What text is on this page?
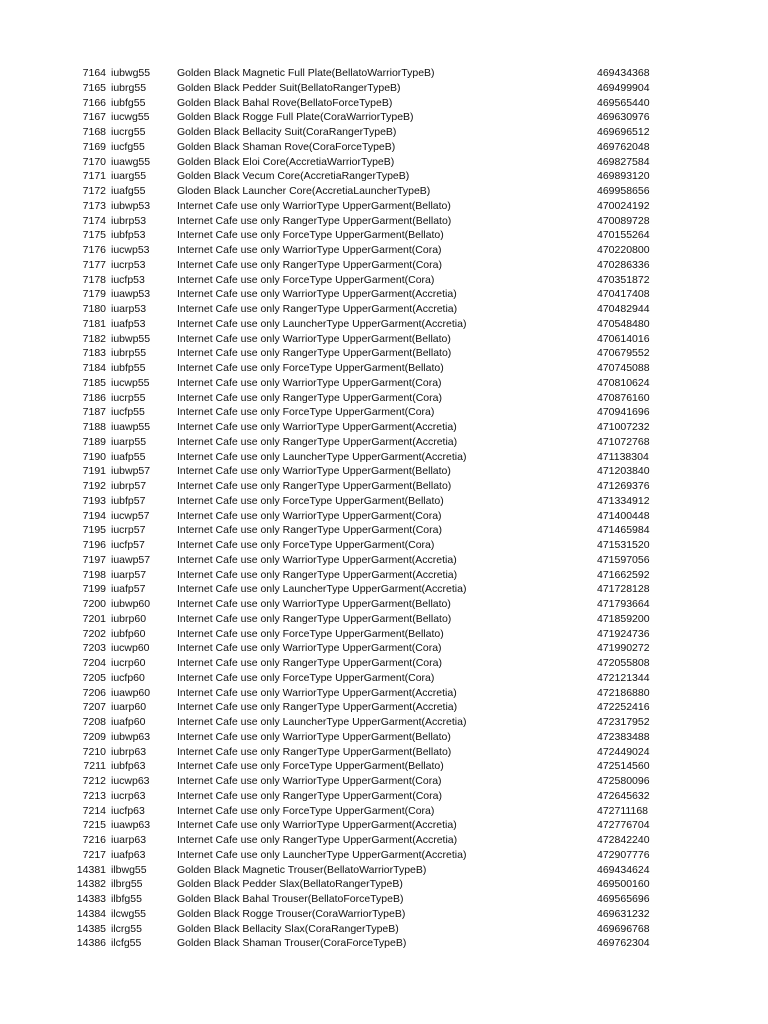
7164 iubwg55	Golden Black Magnetic Full Plate(BellatoWarriorTypeB)	469434368
7165 iubrg55	Golden Black Pedder Suit(BellatoRangerTypeB)	469499904
7166 iubfg55	Golden Black Bahal Rove(BellatoForceTypeB)	469565440
7167 iucwg55	Golden Black Rogge Full Plate(CoraWarriorTypeB)	469630976
7168 iucrg55	Golden Black Bellacity Suit(CoraRangerTypeB)	469696512
7169 iucfg55	Golden Black Shaman Rove(CoraForceTypeB)	469762048
7170 iuawg55	Golden Black Eloi Core(AccretiaWarriorTypeB)	469827584
7171 iuarg55	Golden Black Vecum Core(AccretiaRangerTypeB)	469893120
7172 iuafg55	Gloden Black Launcher Core(AccretiaLauncherTypeB)	469958656
7173 iubwp53	Internet Cafe use only WarriorType UpperGarment(Bellato)	470024192
7174 iubrp53	Internet Cafe use only RangerType UpperGarment(Bellato)	470089728
7175 iubfp53	Internet Cafe use only ForceType UpperGarment(Bellato)	470155264
7176 iucwp53	Internet Cafe use only WarriorType UpperGarment(Cora)	470220800
7177 iucrp53	Internet Cafe use only RangerType UpperGarment(Cora)	470286336
7178 iucfp53	Internet Cafe use only ForceType UpperGarment(Cora)	470351872
7179 iuawp53	Internet Cafe use only WarriorType UpperGarment(Accretia)	470417408
7180 iuarp53	Internet Cafe use only RangerType UpperGarment(Accretia)	470482944
7181 iuafp53	Internet Cafe use only LauncherType UpperGarment(Accretia)	470548480
7182 iubwp55	Internet Cafe use only WarriorType UpperGarment(Bellato)	470614016
7183 iubrp55	Internet Cafe use only RangerType UpperGarment(Bellato)	470679552
7184 iubfp55	Internet Cafe use only ForceType UpperGarment(Bellato)	470745088
7185 iucwp55	Internet Cafe use only WarriorType UpperGarment(Cora)	470810624
7186 iucrp55	Internet Cafe use only RangerType UpperGarment(Cora)	470876160
7187 iucfp55	Internet Cafe use only ForceType UpperGarment(Cora)	470941696
7188 iuawp55	Internet Cafe use only WarriorType UpperGarment(Accretia)	471007232
7189 iuarp55	Internet Cafe use only RangerType UpperGarment(Accretia)	471072768
7190 iuafp55	Internet Cafe use only LauncherType UpperGarment(Accretia)	471138304
7191 iubwp57	Internet Cafe use only WarriorType UpperGarment(Bellato)	471203840
7192 iubrp57	Internet Cafe use only RangerType UpperGarment(Bellato)	471269376
7193 iubfp57	Internet Cafe use only ForceType UpperGarment(Bellato)	471334912
7194 iucwp57	Internet Cafe use only WarriorType UpperGarment(Cora)	471400448
7195 iucrp57	Internet Cafe use only RangerType UpperGarment(Cora)	471465984
7196 iucfp57	Internet Cafe use only ForceType UpperGarment(Cora)	471531520
7197 iuawp57	Internet Cafe use only WarriorType UpperGarment(Accretia)	471597056
7198 iuarp57	Internet Cafe use only RangerType UpperGarment(Accretia)	471662592
7199 iuafp57	Internet Cafe use only LauncherType UpperGarment(Accretia)	471728128
7200 iubwp60	Internet Cafe use only WarriorType UpperGarment(Bellato)	471793664
7201 iubrp60	Internet Cafe use only RangerType UpperGarment(Bellato)	471859200
7202 iubfp60	Internet Cafe use only ForceType UpperGarment(Bellato)	471924736
7203 iucwp60	Internet Cafe use only WarriorType UpperGarment(Cora)	471990272
7204 iucrp60	Internet Cafe use only RangerType UpperGarment(Cora)	472055808
7205 iucfp60	Internet Cafe use only ForceType UpperGarment(Cora)	472121344
7206 iuawp60	Internet Cafe use only WarriorType UpperGarment(Accretia)	472186880
7207 iuarp60	Internet Cafe use only RangerType UpperGarment(Accretia)	472252416
7208 iuafp60	Internet Cafe use only LauncherType UpperGarment(Accretia)	472317952
7209 iubwp63	Internet Cafe use only WarriorType UpperGarment(Bellato)	472383488
7210 iubrp63	Internet Cafe use only RangerType UpperGarment(Bellato)	472449024
7211 iubfp63	Internet Cafe use only ForceType UpperGarment(Bellato)	472514560
7212 iucwp63	Internet Cafe use only WarriorType UpperGarment(Cora)	472580096
7213 iucrp63	Internet Cafe use only RangerType UpperGarment(Cora)	472645632
7214 iucfp63	Internet Cafe use only ForceType UpperGarment(Cora)	472711168
7215 iuawp63	Internet Cafe use only WarriorType UpperGarment(Accretia)	472776704
7216 iuarp63	Internet Cafe use only RangerType UpperGarment(Accretia)	472842240
7217 iuafp63	Internet Cafe use only LauncherType UpperGarment(Accretia)	472907776
14381 ilbwg55	Golden Black Magnetic Trouser(BellatoWarriorTypeB)	469434624
14382 ilbrg55	Golden Black Pedder Slax(BellatoRangerTypeB)	469500160
14383 ilbfg55	Golden Black Bahal Trouser(BellatoForceTypeB)	469565696
14384 ilcwg55	Golden Black Rogge Trouser(CoraWarriorTypeB)	469631232
14385 ilcrg55	Golden Black Bellacity Slax(CoraRangerTypeB)	469696768
14386 ilcfg55	Golden Black Shaman Trouser(CoraForceTypeB)	469762304
